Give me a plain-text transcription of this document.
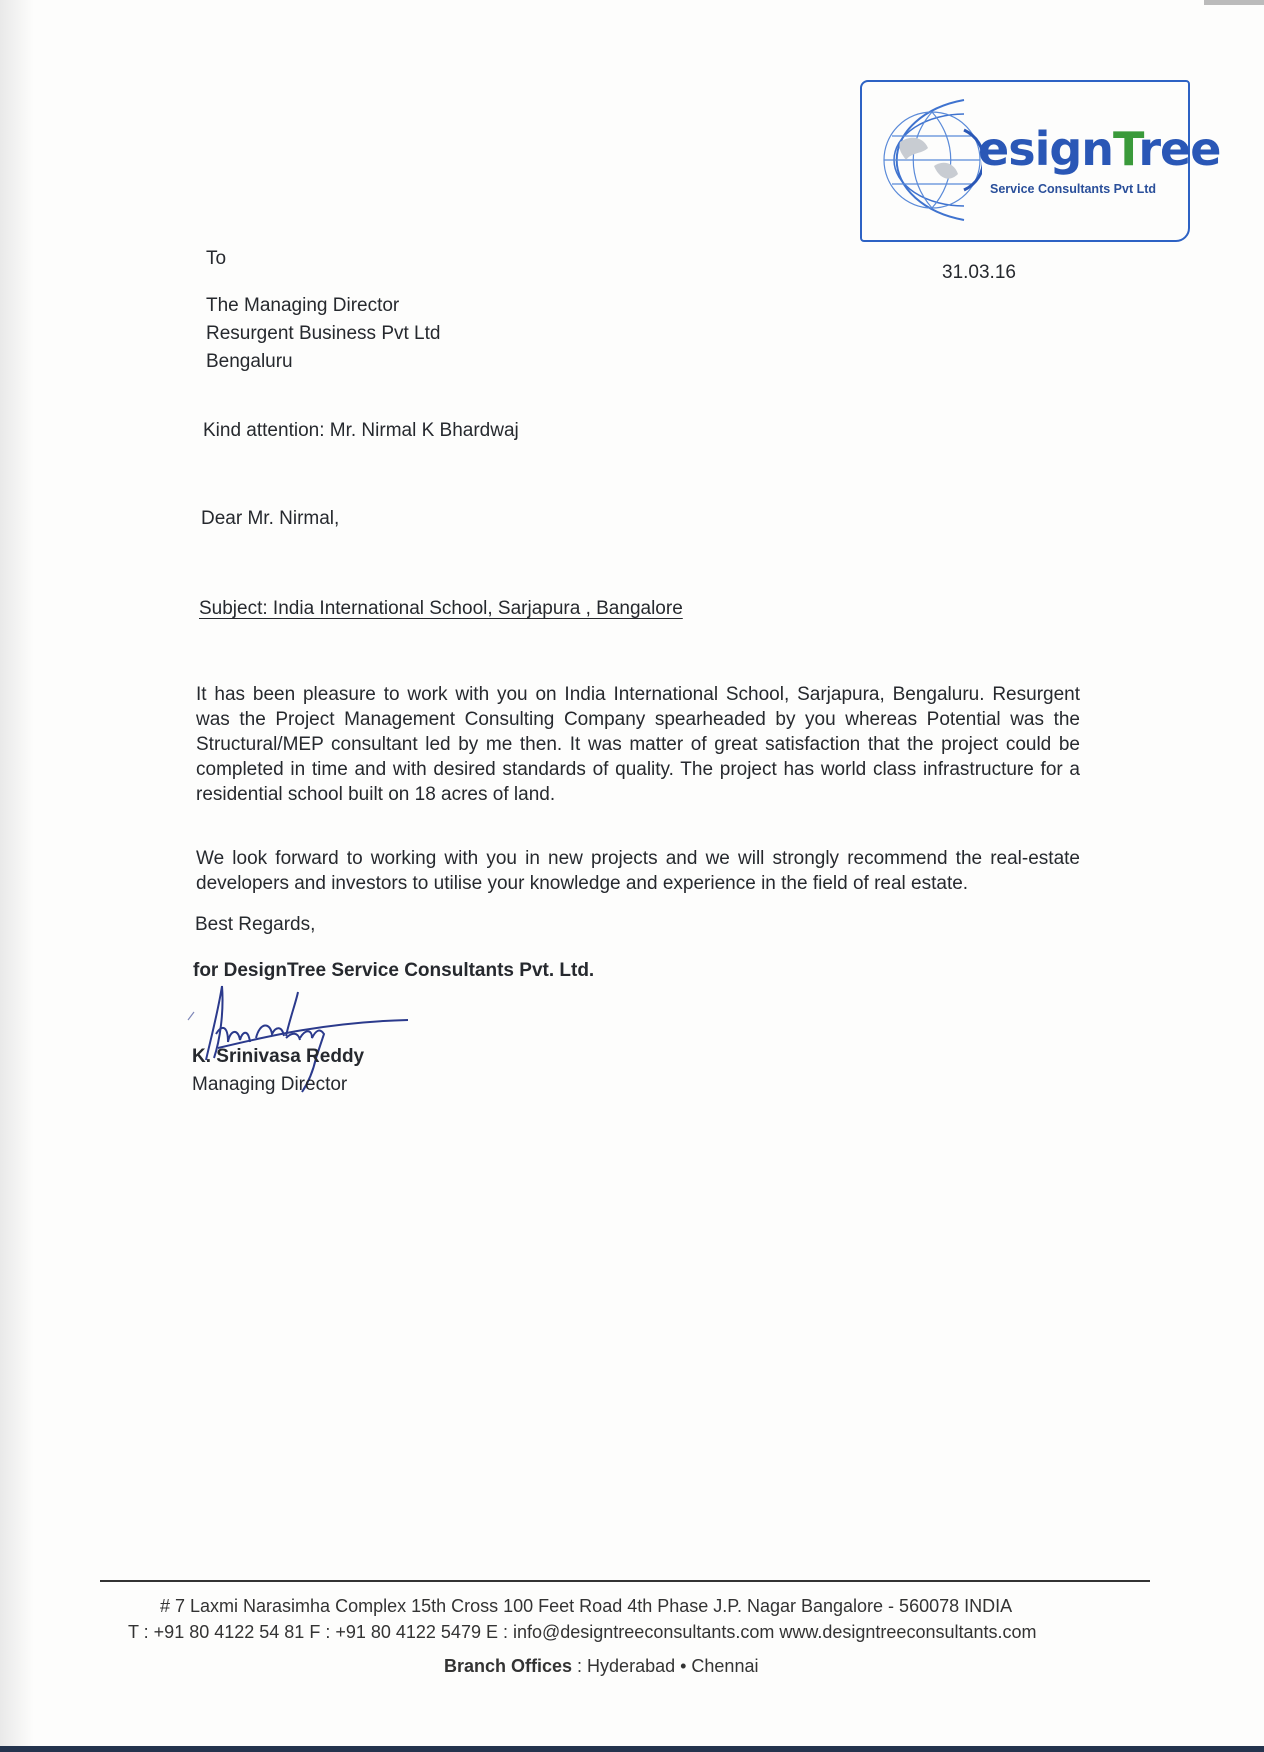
esignTree
Service Consultants Pvt Ltd
31.03.16
To
The Managing Director
Resurgent Business Pvt Ltd
Bengaluru
Kind attention: Mr. Nirmal K Bhardwaj
Dear Mr. Nirmal,
Subject: India International School, Sarjapura , Bangalore
It has been pleasure to work with you on India International School, Sarjapura, Bengaluru. Resurgent was the Project Management Consulting Company spearheaded by you whereas Potential was the Structural/MEP consultant led by me then. It was matter of great satisfaction that the project could be completed in time and with desired standards of quality. The project has world class infrastructure for a residential school built on 18 acres of land.
We look forward to working with you in new projects and we will strongly recommend the real-estate developers and investors to utilise your knowledge and experience in the field of real estate.
Best Regards,
for DesignTree Service Consultants Pvt. Ltd.
K. Srinivasa Reddy
Managing Director
# 7 Laxmi Narasimha Complex 15th Cross 100 Feet Road 4th Phase J.P. Nagar Bangalore - 560078 INDIA
T : +91 80 4122 54 81 F : +91 80 4122 5479 E : info@designtreeconsultants.com www.designtreeconsultants.com
Branch Offices : Hyderabad • Chennai
